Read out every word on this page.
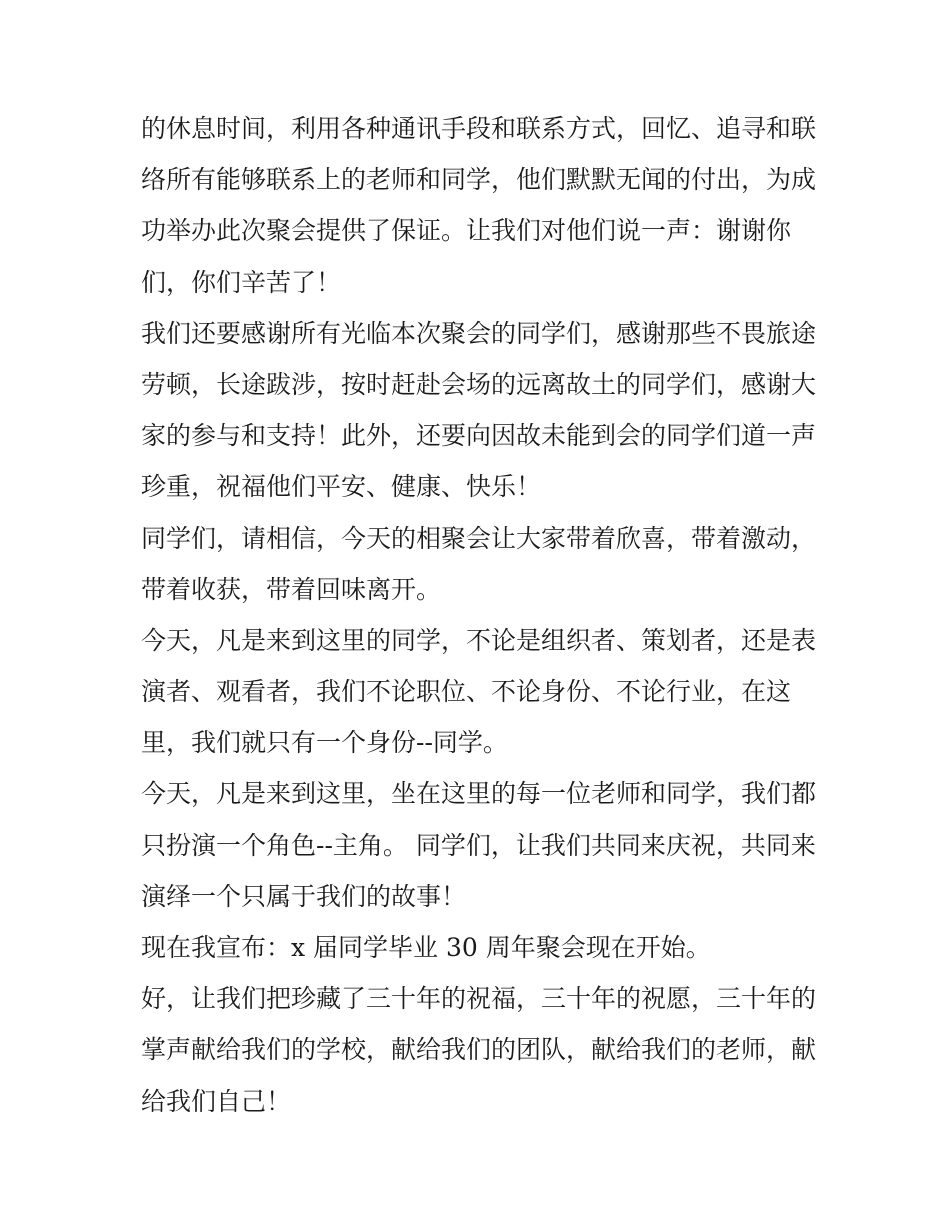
的休息时间，利用各种通讯手段和联系方式，回忆、追寻和联
络所有能够联系上的老师和同学，他们默默无闻的付出，为成
功举办此次聚会提供了保证。让我们对他们说一声：谢谢你
们，你们辛苦了！
我们还要感谢所有光临本次聚会的同学们，感谢那些不畏旅途
劳顿，长途跋涉，按时赶赴会场的远离故土的同学们，感谢大
家的参与和支持！此外，还要向因故未能到会的同学们道一声
珍重，祝福他们平安、健康、快乐！
同学们，请相信，今天的相聚会让大家带着欣喜，带着激动，
带着收获，带着回味离开。
今天，凡是来到这里的同学，不论是组织者、策划者，还是表
演者、观看者，我们不论职位、不论身份、不论行业，在这
里，我们就只有一个身份--同学。
今天，凡是来到这里，坐在这里的每一位老师和同学，我们都
只扮演一个角色--主角。 同学们，让我们共同来庆祝，共同来
演绎一个只属于我们的故事！
现在我宣布：x 届同学毕业 30 周年聚会现在开始。
好，让我们把珍藏了三十年的祝福，三十年的祝愿，三十年的
掌声献给我们的学校，献给我们的团队，献给我们的老师，献
给我们自己！
